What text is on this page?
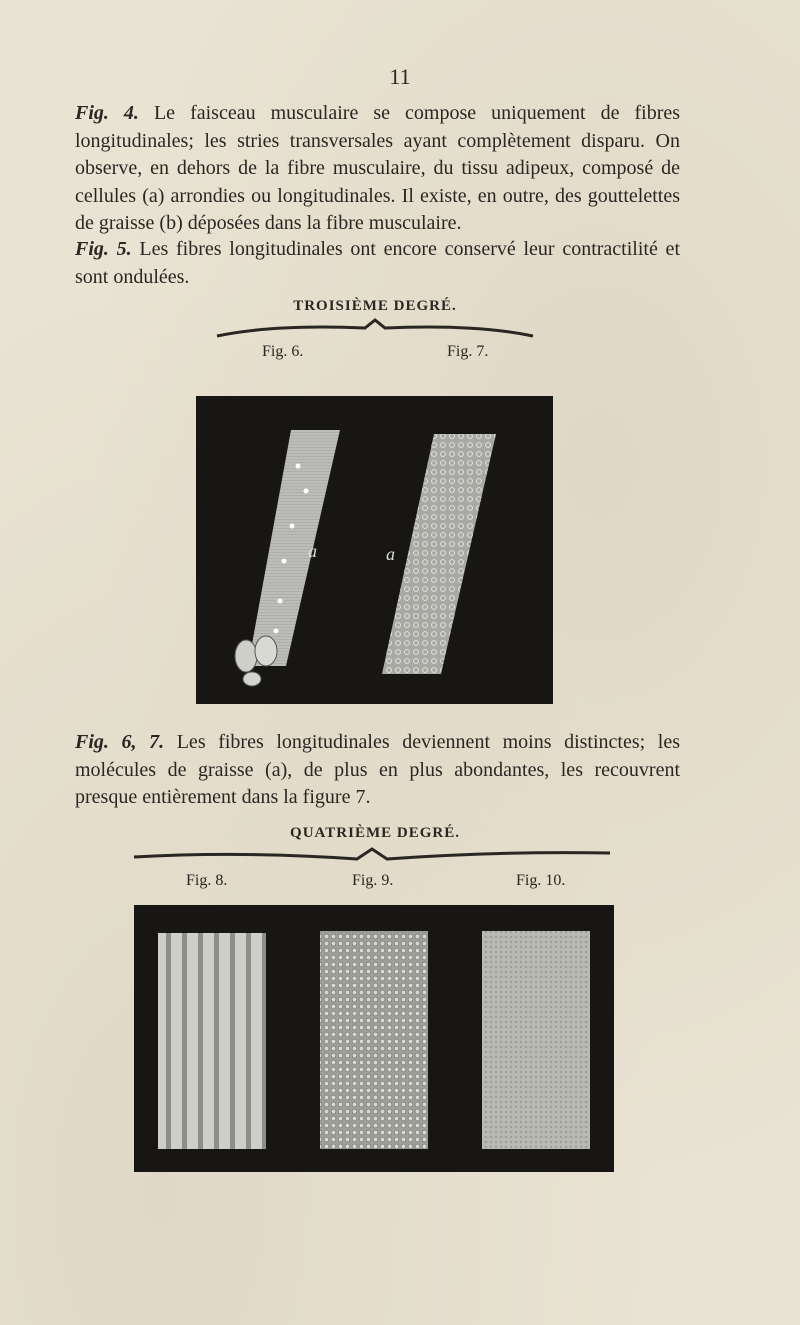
11
Fig. 4. Le faisceau musculaire se compose uniquement de fibres longitudinales; les stries transversales ayant complètement disparu. On observe, en dehors de la fibre musculaire, du tissu adipeux, composé de cellules (a) arrondies ou longitudinales. Il existe, en outre, des gouttelettes de graisse (b) déposées dans la fibre musculaire.
Fig. 5. Les fibres longitudinales ont encore conservé leur contractilité et sont ondulées.
TROISIÈME DEGRÉ.
Fig. 6.	Fig. 7.
a	a
Fig. 6, 7. Les fibres longitudinales deviennent moins distinctes; les molécules de graisse (a), de plus en plus abondantes, les recouvrent presque entièrement dans la figure 7.
QUATRIÈME DEGRÉ.
Fig. 8.	Fig. 9.	Fig. 10.
